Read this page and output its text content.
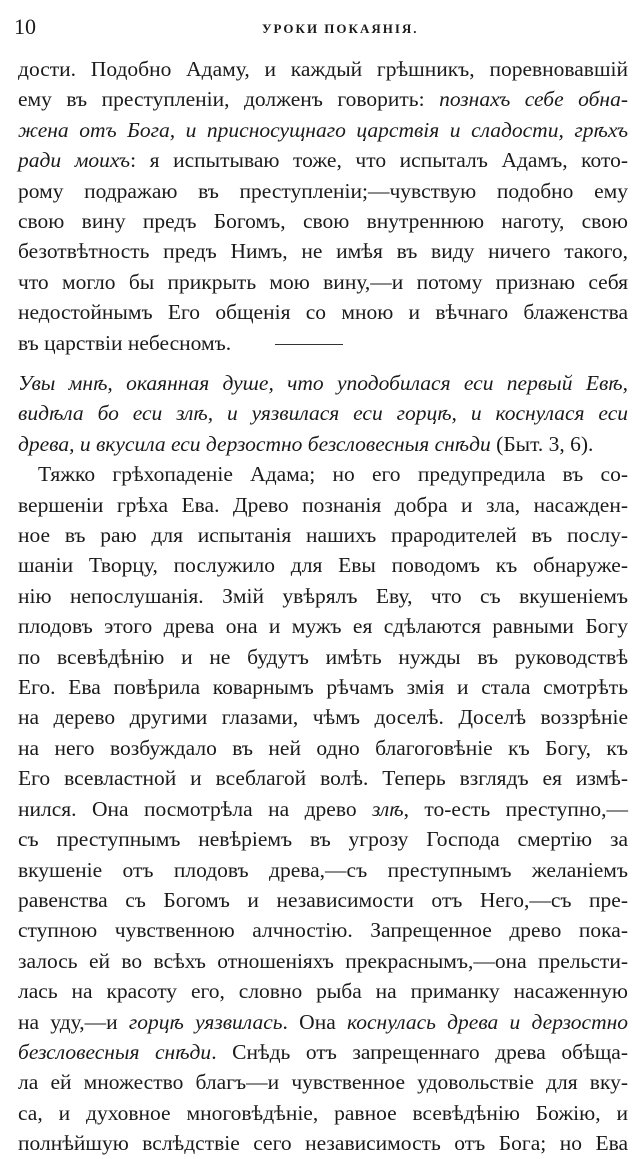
10	УРОКИ ПОКАЯНІЯ.
дости. Подобно Адаму, и каждый грѣшникъ, поревновавшій
ему въ преступленіи, долженъ говорить: познахъ себе обна-
жена отъ Бога, и присносущнаго царствія и сладости, грѣхъ
ради моихъ: я испытываю тоже, что испыталъ Адамъ, кото-
рому подражаю въ преступленіи;—чувствую подобно ему
свою вину предъ Богомъ, свою внутреннюю наготу, свою
безотвѣтность предъ Нимъ, не имѣя въ виду ничего такого,
что могло бы прикрыть мою вину,—и потому признаю себя
недостойнымъ Его общенія со мною и вѣчнаго блаженства
въ царствіи небесномъ.
Увы мнѣ, окаянная душе, что уподобилася еси первый Евѣ,
видѣла бо еси злѣ, и уязвилася еси горцѣ, и коснулася еси
древа, и вкусила еси дерзостно безсловесныя снѣди (Быт. 3, 6).
Тяжко грѣхопаденіе Адама; но его предупредила въ со-
вершеніи грѣха Ева. Древо познанія добра и зла, насажден-
ное въ раю для испытанія нашихъ прародителей въ послу-
шаніи Творцу, послужило для Евы поводомъ къ обнаруже-
нію непослушанія. Змій увѣрялъ Еву, что съ вкушеніемъ
плодовъ этого древа она и мужъ ея сдѣлаются равными Богу
по всевѣдѣнію и не будутъ имѣть нужды въ руководствѣ
Его. Ева повѣрила коварнымъ рѣчамъ змія и стала смотрѣть
на дерево другими глазами, чѣмъ доселѣ. Доселѣ воззрѣніе
на него возбуждало въ ней одно благоговѣніе къ Богу, къ
Его всевластной и всеблагой волѣ. Теперь взглядъ ея измѣ-
нился. Она посмотрѣла на древо злѣ, то-есть преступно,—
съ преступнымъ невѣріемъ въ угрозу Господа смертію за
вкушеніе отъ плодовъ древа,—съ преступнымъ желаніемъ
равенства съ Богомъ и независимости отъ Него,—съ пре-
ступною чувственною алчностію. Запрещенное древо пока-
залось ей во всѣхъ отношеніяхъ прекраснымъ,—она прельсти-
лась на красоту его, словно рыба на приманку насаженную
на уду,—и горцѣ уязвилась. Она коснулась древа и дерзостно
безсловесныя снѣди. Снѣдь отъ запрещеннаго древа обѣща-
ла ей множество благъ—и чувственное удовольствіе для вку-
са, и духовное многовѣдѣніе, равное всевѣдѣнію Божію, и
полнѣйшую вслѣдствіе сего независимость отъ Бога; но Ева
